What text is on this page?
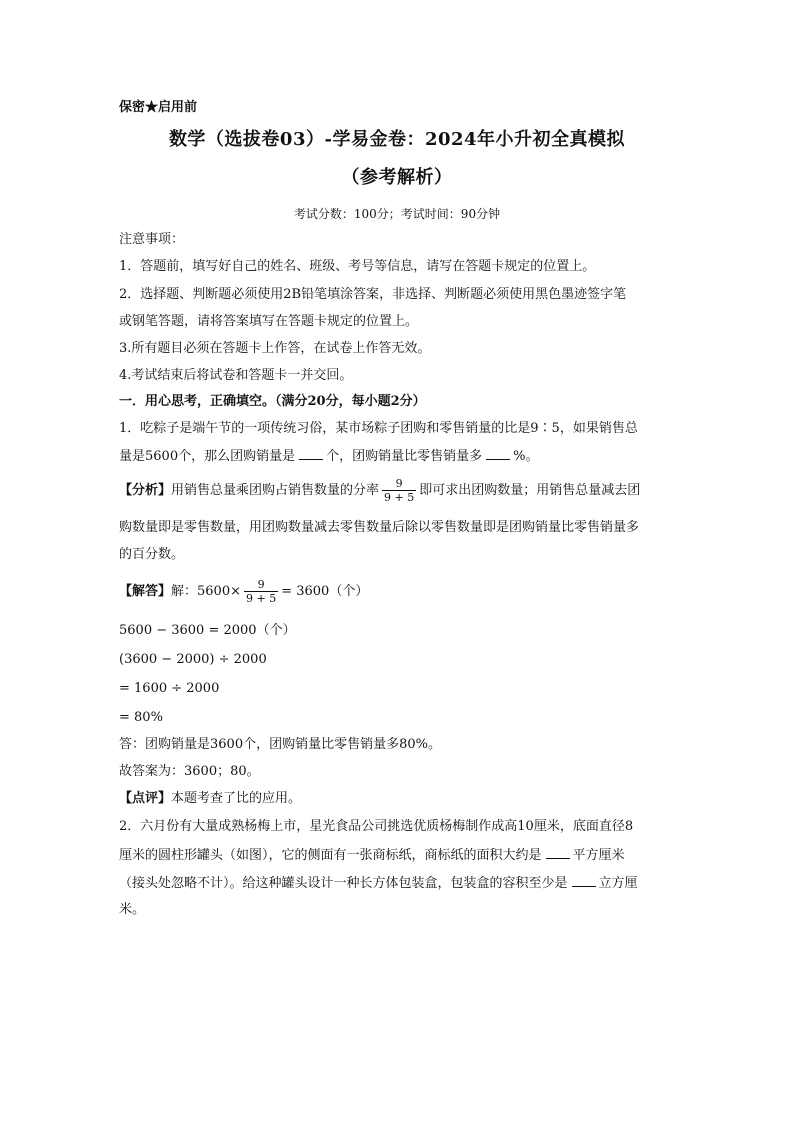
保密★启用前
数学（选拔卷03）-学易金卷：2024年小升初全真模拟
（参考解析）
考试分数：100分；考试时间：90分钟
注意事项：
1．答题前，填写好自己的姓名、班级、考号等信息，请写在答题卡规定的位置上。
2．选择题、判断题必须使用2B铅笔填涂答案，非选择、判断题必须使用黑色墨迹签字笔
或钢笔答题，请将答案填写在答题卡规定的位置上。
3.所有题目必须在答题卡上作答，在试卷上作答无效。
4.考试结束后将试卷和答题卡一并交回。
一．用心思考，正确填空。（满分20分，每小题2分）
1．吃粽子是端午节的一项传统习俗，某市场粽子团购和零售销量的比是9∶5，如果销售总
量是5600个，那么团购销量是 个，团购销量比零售销量多 %。
【分析】用销售总量乘团购占销售数量的分率 $\frac{9}{9 + 5}$ 即可求出团购数量；用销售总量减去团
购数量即是零售数量，用团购数量减去零售数量后除以零售数量即是团购销量比零售销量多
的百分数。
【解答】解：$5600\times \frac{9}{9 + 5} = 3600$（个）
5600 − 3600 = 2000（个）
(3600 − 2000) ÷ 2000
= 1600 ÷ 2000
= 80%
答：团购销量是3600个，团购销量比零售销量多80%。
故答案为：3600；80。
【点评】本题考查了比的应用。
2．六月份有大量成熟杨梅上市，星光食品公司挑选优质杨梅制作成高10厘米，底面直径8
厘米的圆柱形罐头（如图），它的侧面有一张商标纸，商标纸的面积大约是 平方厘米
（接头处忽略不计）。给这种罐头设计一种长方体包装盒，包装盒的容积至少是 立方厘
米。
